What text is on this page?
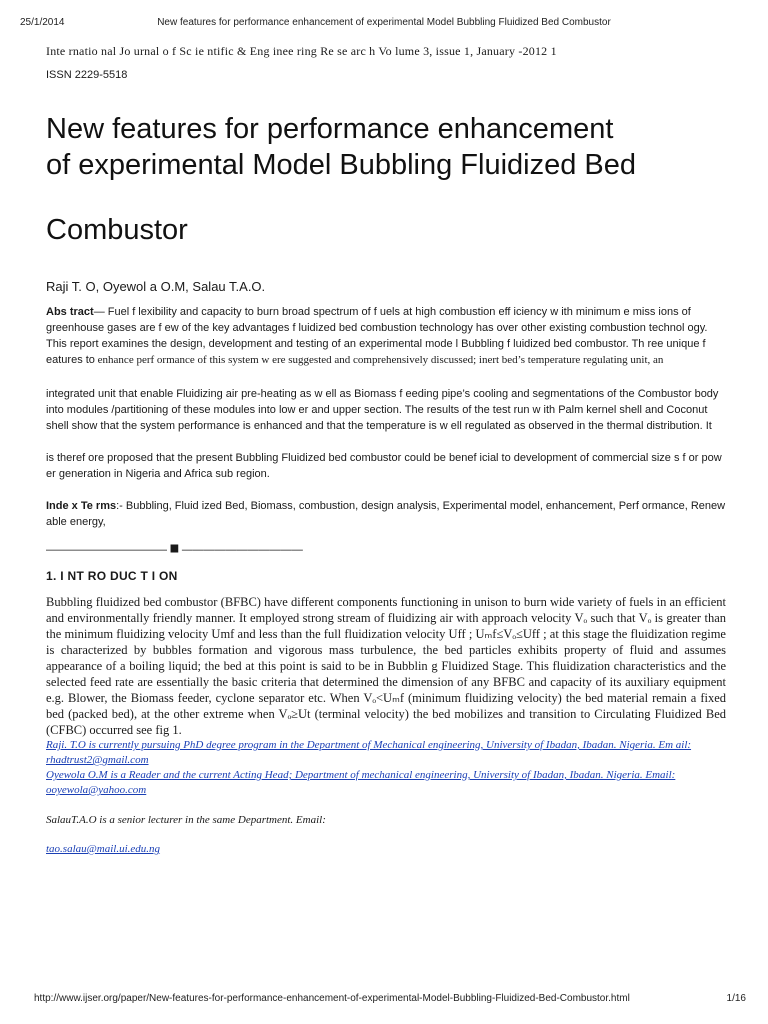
25/1/2014	New features for performance enhancement of experimental Model Bubbling Fluidized Bed Combustor

Inte rnatio nal Jo urnal o f Sc ie ntific & Eng inee ring Re se arc h Vo lume 3, issue 1, January -2012 1

ISSN 2229-5518

New features for performance enhancement
of experimental Model Bubbling Fluidized Bed
Combustor

Raji T. O, Oyewol a O.M, Salau T.A.O.

Abs tract— Fuel f lexibility and capacity to burn broad spectrum of f uels at high combustion eff iciency w ith minimum e miss ions of greenhouse gases are f ew of the key advantages f luidized bed combustion technology has over other existing combustion technol ogy. This report examines the design, development and testing of an experimental mode l Bubbling f luidized bed combustor. Th ree unique f eatures to enhance perf ormance of this system w ere suggested and comprehensively discussed; inert bed’s temperature regulating unit, an

integrated unit that enable Fluidizing air pre-heating as w ell as Biomass f eeding pipe’s cooling and segmentations of the Combustor body into modules /partitioning of these modules into low er and upper section. The results of the test run w ith Palm kernel shell and Coconut shell show that the system performance is enhanced and that the temperature is w ell regulated as observed in the thermal distribution. It

is theref ore proposed that the present Bubbling Fluidized bed combustor could be benef icial to development of commercial size s f or pow er generation in Nigeria and Africa sub region.

Inde x Te rms:- Bubbling, Fluid ized Bed, Biomass, combustion, design analysis, Experimental model, enhancement, Perf ormance, Renew able energy,

——————————— ⯀ ———————————
1. I NT RO DUC T I ON

Bubbling fluidized bed combustor (BFBC) have different components functioning in unison to burn wide variety of fuels in an efficient and environmentally friendly manner. It employed strong stream of fluidizing air with approach velocity Vₒ such that Vₒ is greater than the minimum fluidizing velocity Umf and less than the full fluidization velocity Uff ; Uₘf≤Vₒ≤Uff ; at this stage the fluidization regime is characterized by bubbles formation and vigorous mass turbulence, the bed particles exhibits property of fluid and assumes appearance of a boiling liquid; the bed at this point is said to be in Bubblin g Fluidized Stage. This fluidization characteristics and the selected feed rate are essentially the basic criteria that determined the dimension of any BFBC and capacity of its auxiliary equipment e.g. Blower, the Biomass feeder, cyclone separator etc. When Vₒ<Uₘf (minimum fluidizing velocity) the bed material remain a fixed bed (packed bed), at the other extreme when Vₒ≥Ut (terminal velocity) the bed mobilizes and transition to Circulating Fluidized Bed (CFBC) occurred see fig 1.

Raji. T.O is currently pursuing PhD degree program in the Department of Mechanical engineering, University of Ibadan, Ibadan. Nigeria. Em ail: rhadtrust2@gmail.com
Oyewola O.M is a Reader and the current Acting Head; Department of mechanical engineering, University of Ibadan, Ibadan. Nigeria. Email: ooyewola@yahoo.com
SalauT.A.O is a senior lecturer in the same Department. Email:
tao.salau@mail.ui.edu.ng
http://www.ijser.org/paper/New-features-for-performance-enhancement-of-experimental-Model-Bubbling-Fluidized-Bed-Combustor.html	1/16
